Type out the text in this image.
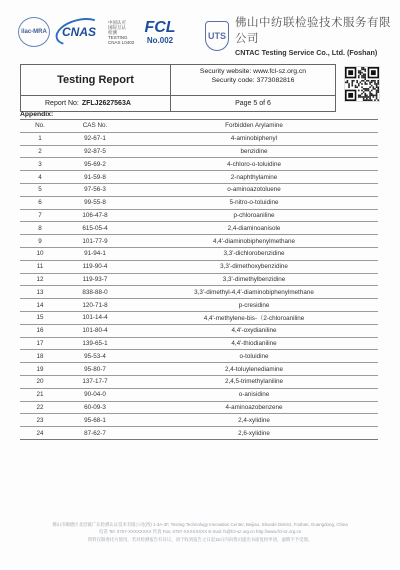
ilac-MRA CNAS
中国认可
国际互认
检测
TESTING
CNAS L0402
FCL
No.002	UTS
佛山中纺联检验技术服务有限公司
CNTAC Testing Service Co., Ltd. (Foshan)
Testing Report
Security website: www.fcl-sz.org.cn
Security code: 3773082816
Report No: ZFLJ2627563A	Page 5 of 6
Appendix:
No.	CAS No.	Forbidden Arylamine
1	92-67-1	4-aminobiphenyl
2	92-87-5	benzidine
3	95-69-2	4-chloro-o-toluidine
4	91-59-8	2-naphthylamine
5	97-56-3	o-aminoazotoluene
6	99-55-8	5-nitro-o-toluidine
7	106-47-8	p-chloroaniline
8	615-05-4	2,4-diaminoanisole
9	101-77-9	4,4'-diaminobiphenylmethane
10	91-94-1	3,3'-dichlorobenzidine
11	119-90-4	3,3'-dimethoxybenzidine
12	119-93-7	3,3'-dimethylbenzidine
13	838-88-0	3,3'-dimethyl-4,4'-diaminobiphenylmethane
14	120-71-8	p-cresidine
15	101-14-4	4,4'-methylene-bis-（2-chloroaniline
16	101-80-4	4,4'-oxydianiline
17	139-65-1	4,4'-thiodianiline
18	95-53-4	o-toluidine
19	95-80-7	2,4-toluylenediamine
20	137-17-7	2,4,5-trimethylaniline
21	90-04-0	o-anisidine
22	60-09-3	4-aminoazobenzene
23	95-68-1	2,4-xylidine
24	87-62-7	2,6-xylidine
佛山市顺德区北滘镇广东检测认证技术有限公司(西) 1-3A-3F, Testing Technology Innovation Center, Beijiao, Shunde District, Foshan, Guangdong, China
电话 Tel: 0757-XXXXXXXX 传真 Fax: 0757-XXXXXXXX E-mail: fs@fcl-sz.org.cn http://www.fcl-sz.org.cn
资料仅限委托方使用，若对检测报告有异议，请于收到报告之日起15日内向我司提出书面复检申请，逾期不予受理。
